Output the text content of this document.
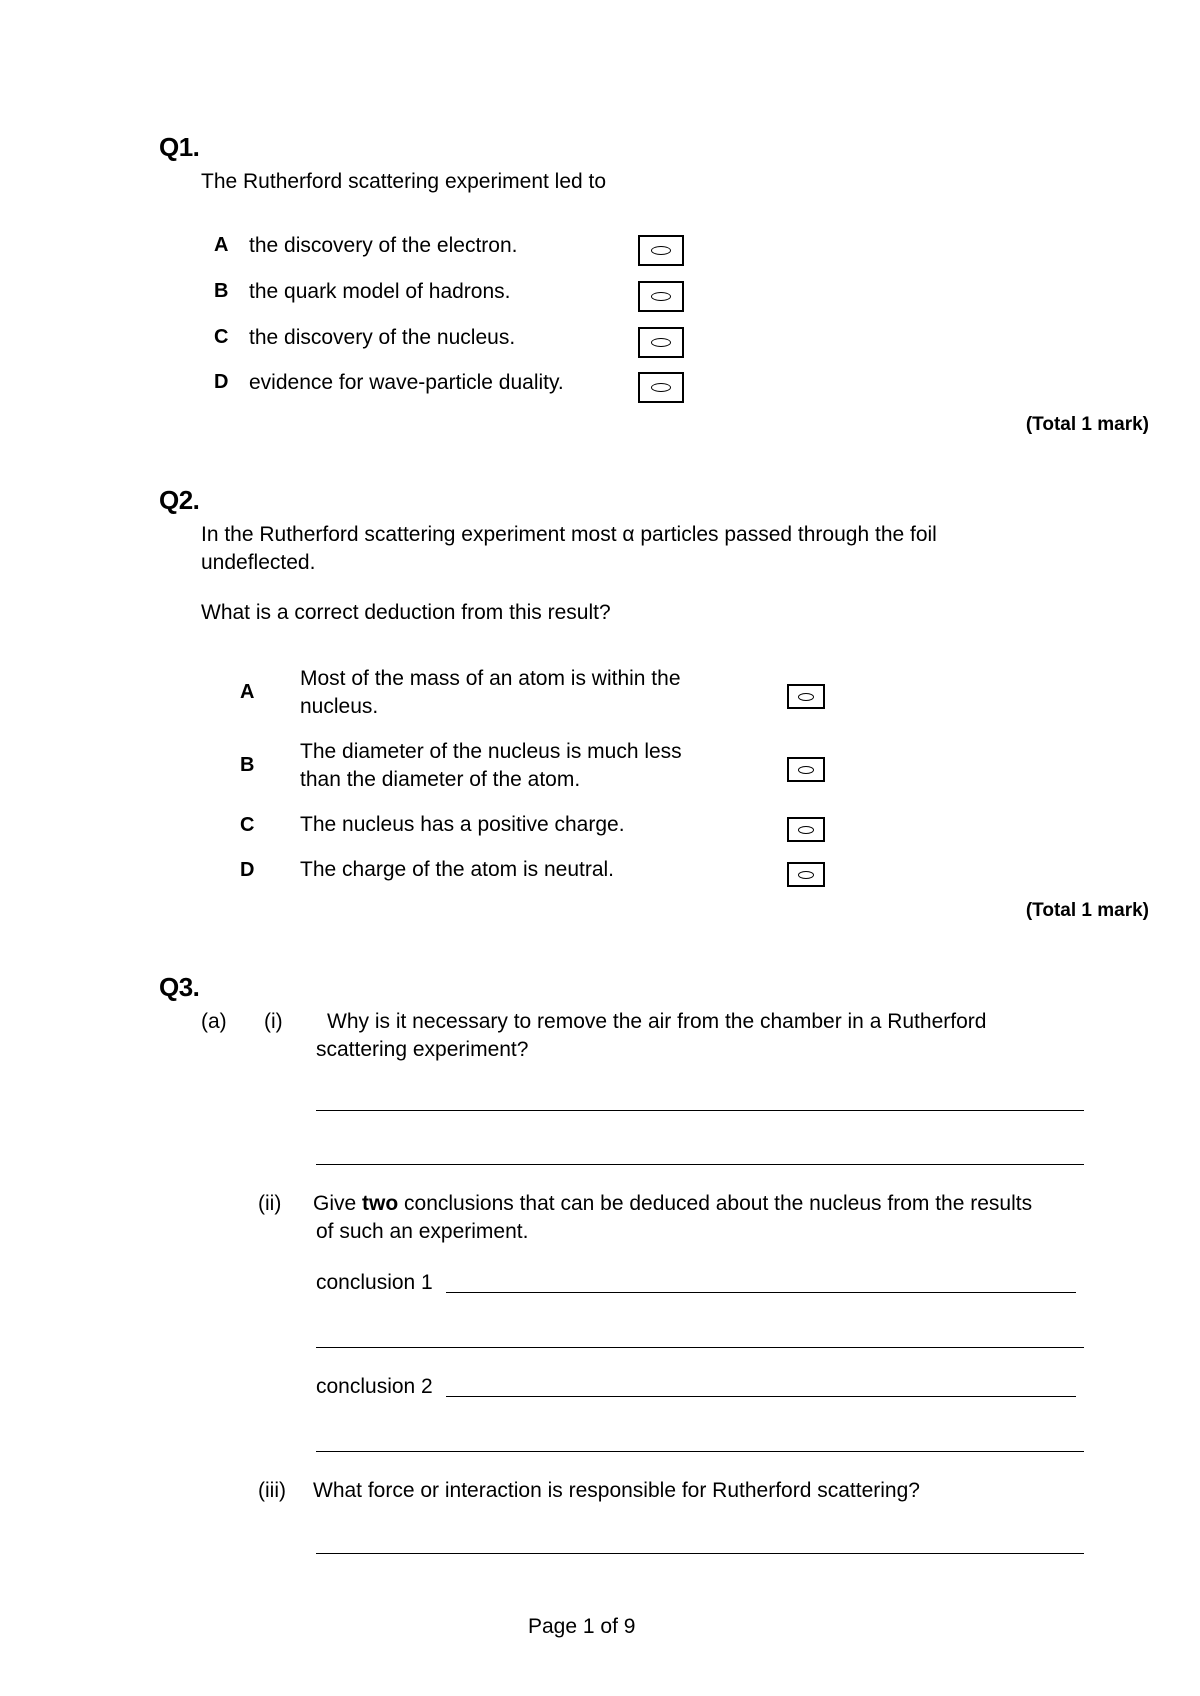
Q1.
The Rutherford scattering experiment led to
A the discovery of the electron.
B the quark model of hadrons.
C the discovery of the nucleus.
D evidence for wave-particle duality.
(Total 1 mark)
Q2.
In the Rutherford scattering experiment most α particles passed through the foil
undeflected.
What is a correct deduction from this result?
A
Most of the mass of an atom is within the
nucleus.
B
The diameter of the nucleus is much less
than the diameter of the atom.
C The nucleus has a positive charge.
D The charge of the atom is neutral.
(Total 1 mark)
Q3.
(a) (i) Why is it necessary to remove the air from the chamber in a Rutherford
scattering experiment?
(ii) Give two conclusions that can be deduced about the nucleus from the results
of such an experiment.
conclusion 1
conclusion 2
(iii) What force or interaction is responsible for Rutherford scattering?
Page 1 of 9
